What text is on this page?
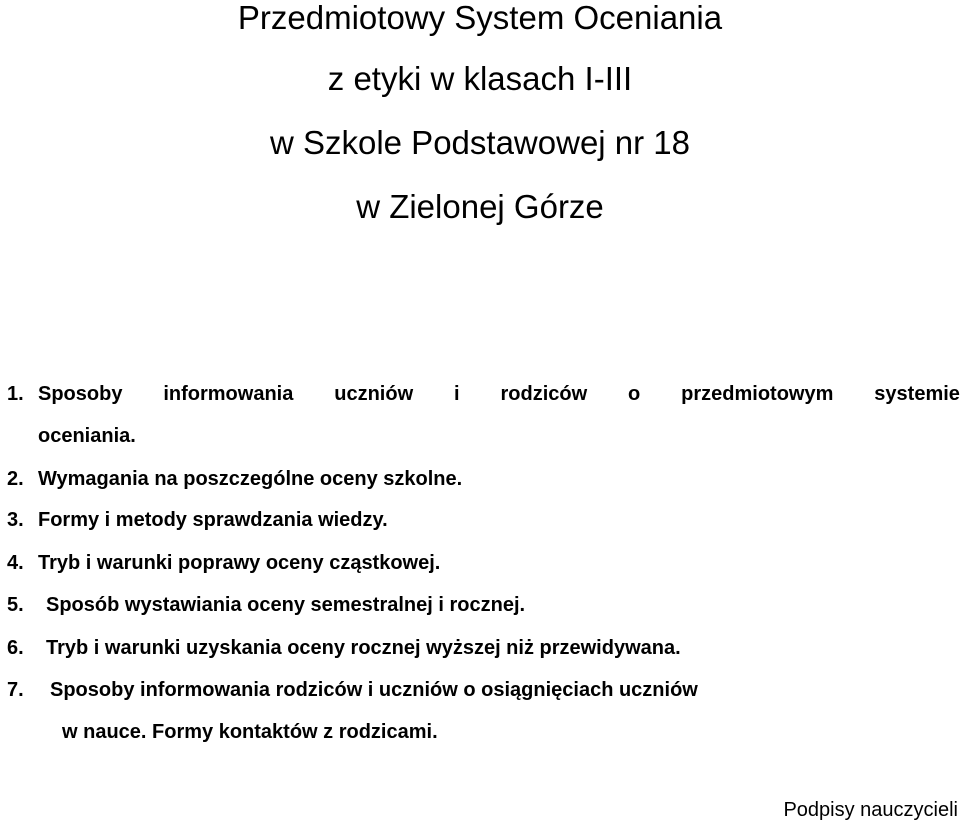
Przedmiotowy System Oceniania
z etyki w klasach I-III
w Szkole Podstawowej nr 18
w Zielonej Górze
1. Sposoby informowania uczniów i rodziców o przedmiotowym systemie
oceniania.
2. Wymagania na poszczególne oceny szkolne.
3. Formy i metody sprawdzania wiedzy.
4. Tryb i warunki poprawy oceny cząstkowej.
5. Sposób wystawiania oceny semestralnej i rocznej.
6. Tryb i warunki uzyskania oceny rocznej wyższej niż przewidywana.
7. Sposoby informowania rodziców i uczniów o osiągnięciach uczniów
w nauce. Formy kontaktów z rodzicami.
Podpisy nauczycieli
